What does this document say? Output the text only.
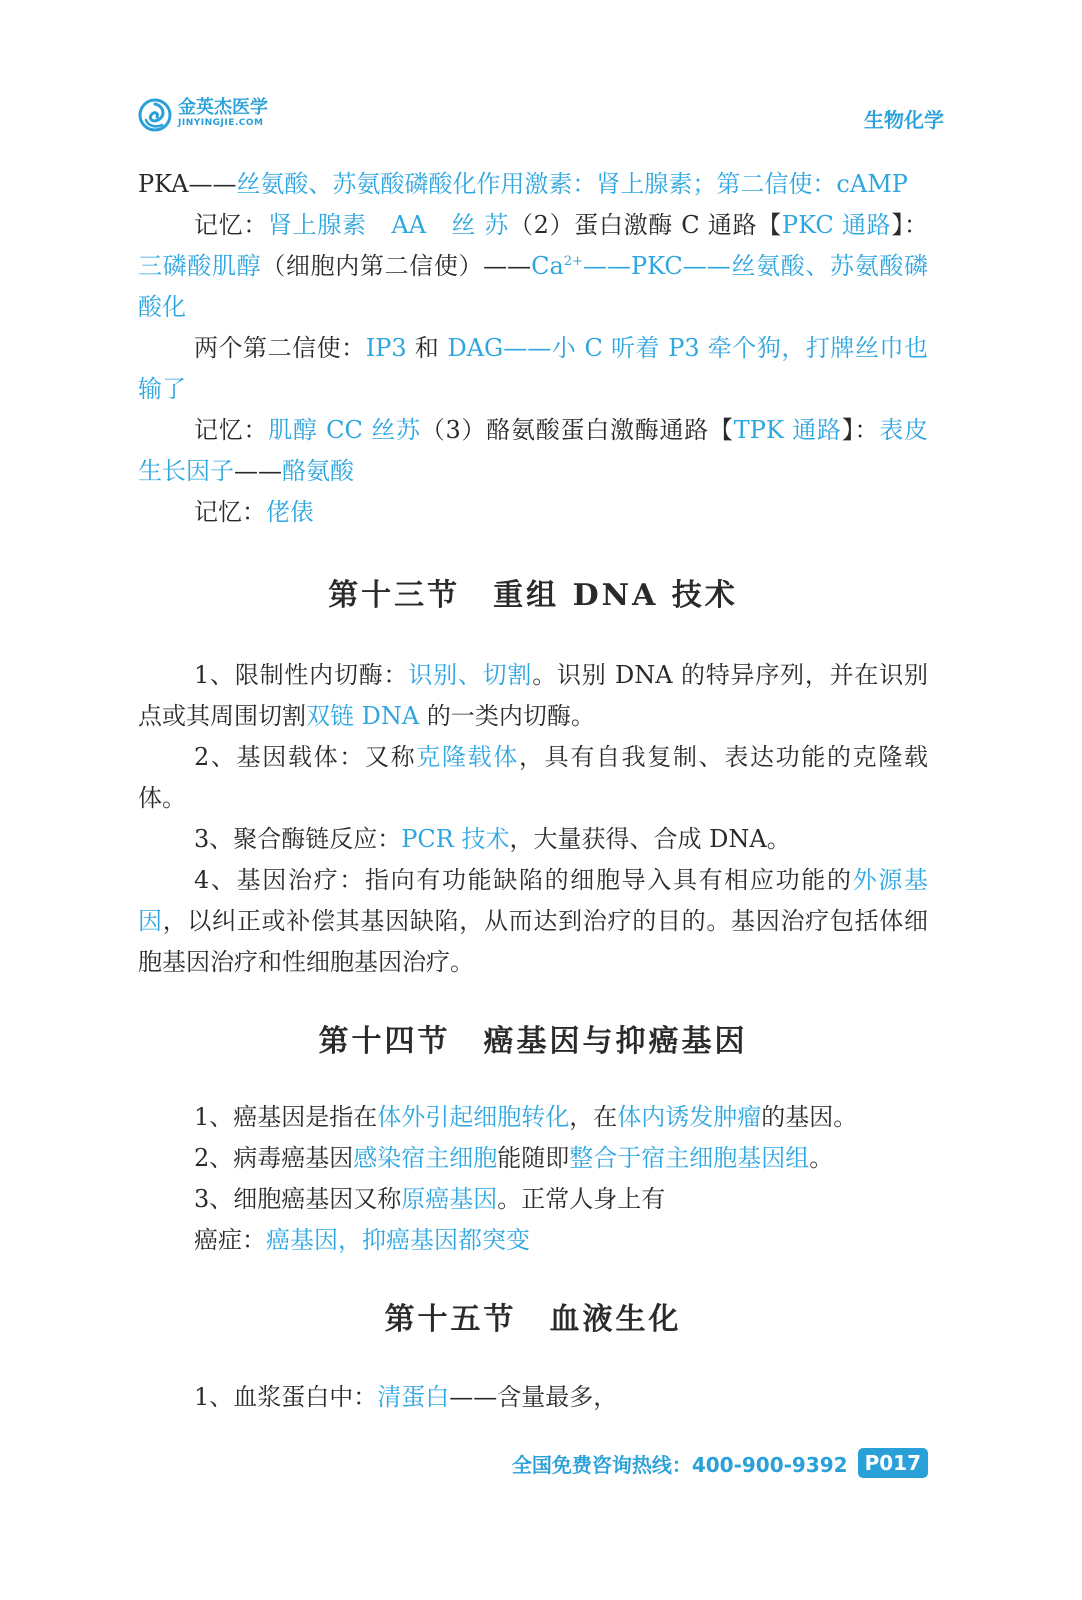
金英杰医学
JINYINGJIE.COM	生物化学

PKA——丝氨酸、苏氨酸磷酸化作用激素：肾上腺素；第二信使：cAMP

记忆：肾上腺素　AA　丝 苏（2）蛋白激酶 C 通路【PKC 通路】：三磷酸肌醇（细胞内第二信使）$——Ca^{2+}——PKC——$丝氨酸、苏氨酸磷酸化

两个第二信使：IP3 和 DAG——小 C 听着 P3 牵个狗，打牌丝巾也输了

记忆：肌醇 CC 丝苏（3）酪氨酸蛋白激酶通路【TPK 通路】：表皮生长因子——酪氨酸

记忆：佬俵

第十三节　重组 DNA 技术

1、限制性内切酶：识别、切割。识别 DNA 的特异序列，并在识别点或其周围切割双链 DNA 的一类内切酶。

2、基因载体：又称克隆载体，具有自我复制、表达功能的克隆载体。

3、聚合酶链反应：PCR 技术，大量获得、合成 DNA。

4、基因治疗：指向有功能缺陷的细胞导入具有相应功能的外源基因，以纠正或补偿其基因缺陷，从而达到治疗的目的。基因治疗包括体细胞基因治疗和性细胞基因治疗。

第十四节　癌基因与抑癌基因

1、癌基因是指在体外引起细胞转化，在体内诱发肿瘤的基因。

2、病毒癌基因感染宿主细胞能随即整合于宿主细胞基因组。

3、细胞癌基因又称原癌基因。正常人身上有

癌症：癌基因，抑癌基因都突变

第十五节　血液生化

1、血浆蛋白中：清蛋白——含量最多，

全国免费咨询热线：400-900-9392 P017
